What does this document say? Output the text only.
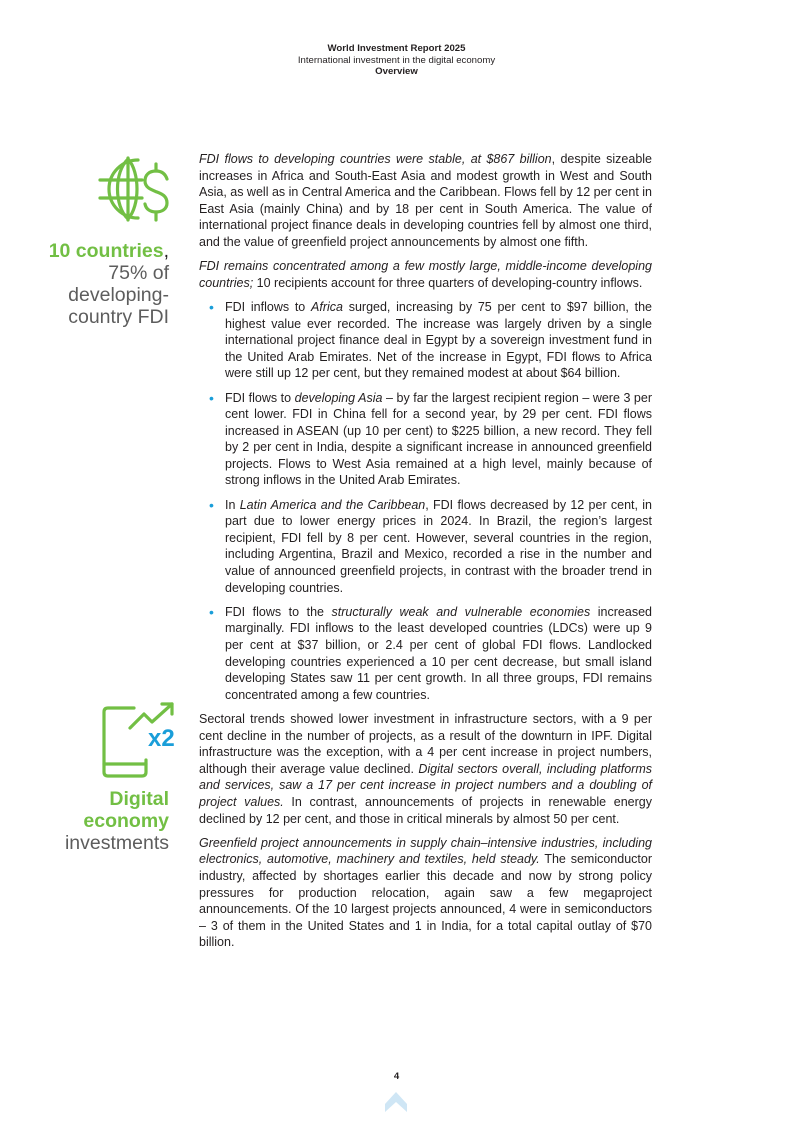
World Investment Report 2025
International investment in the digital economy
Overview
10 countries,
75% of
developing-
country FDI
x2
Digital
economy
investments

FDI flows to developing countries were stable, at $867 billion, despite sizeable increases in Africa and South-East Asia and modest growth in West and South Asia, as well as in Central America and the Caribbean. Flows fell by 12 per cent in East Asia (mainly China) and by 18 per cent in South America. The value of international project finance deals in developing countries fell by almost one third, and the value of greenfield project announcements by almost one fifth.

FDI remains concentrated among a few mostly large, middle-income developing countries; 10 recipients account for three quarters of developing-country inflows.

• FDI inflows to Africa surged, increasing by 75 per cent to $97 billion, the highest value ever recorded. The increase was largely driven by a single international project finance deal in Egypt by a sovereign investment fund in the United Arab Emirates. Net of the increase in Egypt, FDI flows to Africa were still up 12 per cent, but they remained modest at about $64 billion.
• FDI flows to developing Asia – by far the largest recipient region – were 3 per cent lower. FDI in China fell for a second year, by 29 per cent. FDI flows increased in ASEAN (up 10 per cent) to $225 billion, a new record. They fell by 2 per cent in India, despite a significant increase in announced greenfield projects. Flows to West Asia remained at a high level, mainly because of strong inflows in the United Arab Emirates.
• In Latin America and the Caribbean, FDI flows decreased by 12 per cent, in part due to lower energy prices in 2024. In Brazil, the region’s largest recipient, FDI fell by 8 per cent. However, several countries in the region, including Argentina, Brazil and Mexico, recorded a rise in the number and value of announced greenfield projects, in contrast with the broader trend in developing countries.
• FDI flows to the structurally weak and vulnerable economies increased marginally. FDI inflows to the least developed countries (LDCs) were up 9 per cent at $37 billion, or 2.4 per cent of global FDI flows. Landlocked developing countries experienced a 10 per cent decrease, but small island developing States saw 11 per cent growth. In all three groups, FDI remains concentrated among a few countries.

Sectoral trends showed lower investment in infrastructure sectors, with a 9 per cent decline in the number of projects, as a result of the downturn in IPF. Digital infrastructure was the exception, with a 4 per cent increase in project numbers, although their average value declined. Digital sectors overall, including platforms and services, saw a 17 per cent increase in project numbers and a doubling of project values. In contrast, announcements of projects in renewable energy declined by 12 per cent, and those in critical minerals by almost 50 per cent.

Greenfield project announcements in supply chain–intensive industries, including electronics, automotive, machinery and textiles, held steady. The semiconductor industry, affected by shortages earlier this decade and now by strong policy pressures for production relocation, again saw a few megaproject announcements. Of the 10 largest projects announced, 4 were in semiconductors – 3 of them in the United States and 1 in India, for a total capital outlay of $70 billion.

4
